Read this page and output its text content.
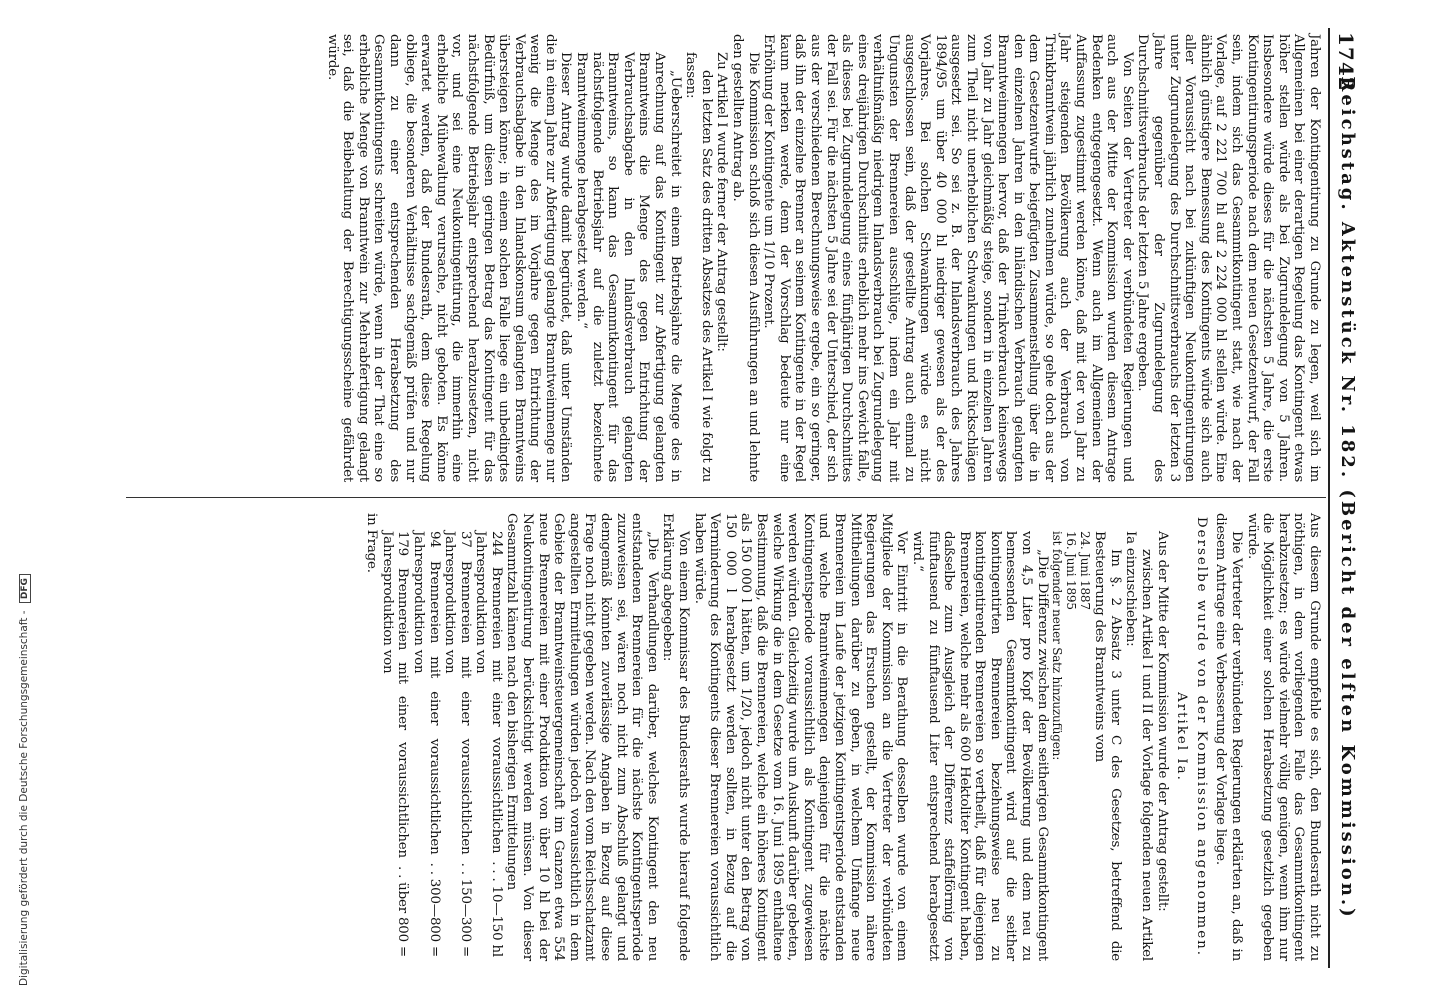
1742
Reichstag. Aktenstück Nr. 182. (Bericht der elften Kommission.)

Jahren der Kontingentirung zu Grunde zu legen, weil sich im Allgemeinen bei einer derartigen Regelung das Kontingent etwas höher stellen würde als bei Zugrundelegung von 5 Jahren. Insbesondere würde dieses für die nächsten 5 Jahre, die erste Kontingentirungsperiode nach dem neuen Gesetzentwurf, der Fall sein, indem sich das Gesammtkontingent statt, wie nach der Vorlage, auf 2 221 700 hl auf 2 224 000 hl stellen würde. Eine ähnlich günstigere Bemessung des Kontingents würde sich auch aller Voraussicht nach bei zukünftigen Neukontingentirungen unter Zugrundelegung des Durchschnittsverbrauchs der letzten 3 Jahre gegenüber der Zugrundelegung des Durchschnittsverbrauchs der letzten 5 Jahre ergeben.

Von Seiten der Vertreter der verbündeten Regierungen und auch aus der Mitte der Kommission wurden diesem Antrage Bedenken entgegengesetzt. Wenn auch im Allgemeinen der Auffassung zugestimmt werden könne, daß mit der von Jahr zu Jahr steigenden Bevölkerung auch der Verbrauch von Trinkbranntwein jährlich zunehmen würde, so gehe doch aus der dem Gesetzentwurfe beigefügten Zusammenstellung über die in den einzelnen Jahren in den inländischen Verbrauch gelangten Branntweinmengen hervor, daß der Trinkverbrauch keineswegs von Jahr zu Jahr gleichmäßig steige, sondern in einzelnen Jahren zum Theil nicht unerheblichen Schwankungen und Rückschlägen ausgesetzt sei. So sei z. B. der Inlandsverbrauch des Jahres 1894/95 um über 40 000 hl niedriger gewesen als der des Vorjahres. Bei solchen Schwankungen würde es nicht ausgeschlossen sein, daß der gestellte Antrag auch einmal zu Ungunsten der Brennereien ausschlüge, indem ein Jahr mit verhältnißmäßig niedrigem Inlandsverbrauch bei Zugrundelegung eines dreijährigen Durchschnitts erheblich mehr ins Gewicht falle, als dieses bei Zugrundelegung eines fünfjährigen Durchschnittes der Fall sei. Für die nächsten 5 Jahre sei der Unterschied, der sich aus der verschiedenen Berechnungsweise ergebe, ein so geringer, daß ihn der einzelne Brenner an seinem Kontingente in der Regel kaum merken werde, denn der Vorschlag bedeute nur eine Erhöhung der Kontingente um 1/10 Prozent.

Die Kommission schloß sich diesen Ausführungen an und lehnte den gestellten Antrag ab.

Zu Artikel I wurde ferner der Antrag gestellt:

den letzten Satz des dritten Absatzes des Artikel I wie folgt zu fassen:

„Ueberschreitet in einem Betriebsjahre die Menge des in Anrechnung auf das Kontingent zur Abfertigung gelangten Branntweins die Menge des gegen Entrichtung der Verbrauchsabgabe in den Inlandsverbrauch gelangten Branntweins, so kann das Gesammtkontingent für das nächstfolgende Betriebsjahr auf die zuletzt bezeichnete Branntweinmenge herabgesetzt werden.“

Dieser Antrag wurde damit begründet, daß unter Umständen die in einem Jahre zur Abfertigung gelangte Branntweinmenge nur wenig die Menge des im Vorjahre gegen Entrichtung der Verbrauchsabgabe in den Inlandskonsum gelangten Branntweins übersteigen könne; in einem solchen Falle liege ein unbedingtes Bedürfniß, um diesen geringen Betrag das Kontingent für das nächstfolgende Betriebsjahr entsprechend herabzusetzen, nicht vor, und sei eine Neukontingentirung, die immerhin eine erhebliche Mühewaltung verursache, nicht geboten. Es könne erwartet werden, daß der Bundesrath, dem diese Regelung obliege, die besonderen Verhältnisse sachgemäß prüfen und nur dann zu einer entsprechenden Herabsetzung des Gesammtkontingents schreiten würde, wenn in der That eine so erhebliche Menge von Branntwein zur Mehrabfertigung gelangt sei, daß die Beibehaltung der Berechtigungsscheine gefährdet würde.

Aus diesem Grunde empfehle es sich, den Bundesrath nicht zu nöthigen, in dem vorliegenden Falle das Gesammtkontingent herabzusetzen; es würde vielmehr völlig genügen, wenn ihm nur die Möglichkeit einer solchen Herabsetzung gesetzlich gegeben würde.

Die Vertreter der verbündeten Regierungen erklärten an, daß in diesem Antrage eine Verbesserung der Vorlage liege.

Derselbe wurde von der Kommission angenommen.

Artikel Ia.

Aus der Mitte der Kommission wurde der Antrag gestellt:

zwischen Artikel I und II der Vorlage folgenden neuen Artikel Ia einzuschieben:

Im §. 2 Absatz 3 unter C des Gesetzes, betreffend die Besteuerung des Branntweins vom

24. Juni 1887
16. Juni 1895
ist folgender neuer Satz hinzuzufügen:

„Die Differenz zwischen dem seitherigen Gesammtkontingent von 4,5 Liter pro Kopf der Bevölkerung und dem neu zu bemessenden Gesammtkontingent wird auf die seither kontingentirten Brennereien beziehungsweise neu zu kontingentirenden Brennereien so vertheilt, daß für diejenigen Brennereien, welche mehr als 600 Hektoliter Kontingent haben, daßselbe zum Ausgleich der Differenz staffelförmig von fünftausend zu fünftausend Liter entsprechend herabgesetzt wird.“

Vor Eintritt in die Berathung desselben wurde von einem Mitgliede der Kommission an die Vertreter der verbündeten Regierungen das Ersuchen gestellt, der Kommission nähere Mittheilungen darüber zu geben, in welchem Umfange neue Brennereien im Laufe der jetzigen Kontingentsperiode entstanden und welche Branntweinmengen denjenigen für die nächste Kontingentsperiode voraussichtlich als Kontingent zugewiesen werden würden. Gleichzeitig wurde um Auskunft darüber gebeten, welche Wirkung die in dem Gesetze vom 16. Juni 1895 enthaltene Bestimmung, daß die Brennereien, welche ein höheres Kontingent als 150 000 l hätten, um 1/20, jedoch nicht unter den Betrag von 150 000 l herabgesetzt werden sollten, in Bezug auf die Verminderung des Kontingents dieser Brennereien voraussichtlich haben würde.

Von einem Kommissar des Bundesraths wurde hierauf folgende Erklärung abgegeben:

„Die Verhandlungen darüber, welches Kontingent den neu entstandenen Brennereien für die nächste Kontingentsperiode zuzuweisen sei, wären noch nicht zum Abschluß gelangt und demgemäß könnten zuverlässige Angaben in Bezug auf diese Frage noch nicht gegeben werden. Nach den vom Reichsschatzamt angestellten Ermittelungen würden jedoch voraussichtlich in dem Gebiete der Branntweinsteuergemeinschaft im Ganzen etwa 554 neue Brennereien mit einer Produktion von über 10 hl bei der Neukontingentirung berücksichtigt werden müssen. Von dieser Gesammtzahl kämen nach den bisherigen Ermittelungen

244 Brennereien mit einer voraussichtlichen Jahresproduktion von
. . . 10—150 hl
37 Brennereien mit einer voraussichtlichen Jahresproduktion von
. . 150—300 =
94 Brennereien mit einer voraussichtlichen Jahresproduktion von
. . 300—800 =
179 Brennereien mit einer voraussichtlichen Jahresproduktion von
. . über 800 =

in Frage.

Digitalisierung gefördert durch die Deutsche Forschungsgemeinschaft - DFG
